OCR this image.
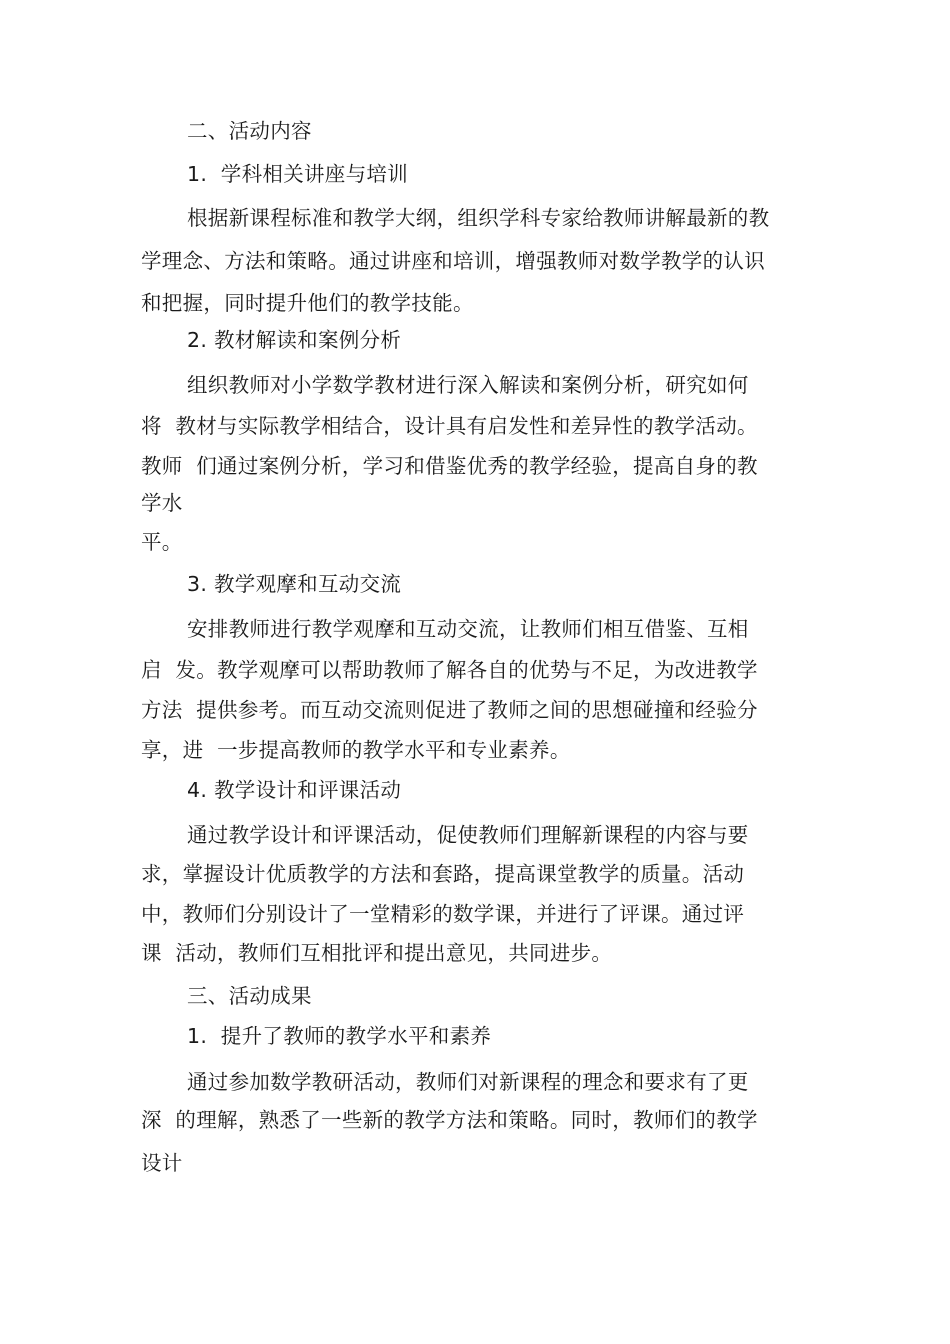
二、活动内容

1.  学科相关讲座与培训

根据新课程标准和教学大纲，组织学科专家给教师讲解最新的教

学理念、方法和策略。通过讲座和培训，增强教师对数学教学的认识

和把握，同时提升他们的教学技能。

2. 教材解读和案例分析

组织教师对小学数学教材进行深入解读和案例分析，研究如何

将  教材与实际教学相结合，设计具有启发性和差异性的教学活动。

教师  们通过案例分析，学习和借鉴优秀的教学经验，提高自身的教

学水

平。

3. 教学观摩和互动交流

安排教师进行教学观摩和互动交流，让教师们相互借鉴、互相

启  发。教学观摩可以帮助教师了解各自的优势与不足，为改进教学

方法  提供参考。而互动交流则促进了教师之间的思想碰撞和经验分

享，进  一步提高教师的教学水平和专业素养。

4. 教学设计和评课活动

通过教学设计和评课活动，促使教师们理解新课程的内容与要

求，掌握设计优质教学的方法和套路，提高课堂教学的质量。活动

中，教师们分别设计了一堂精彩的数学课，并进行了评课。通过评

课  活动，教师们互相批评和提出意见，共同进步。

三、活动成果

1.  提升了教师的教学水平和素养

通过参加数学教研活动，教师们对新课程的理念和要求有了更

深  的理解，熟悉了一些新的教学方法和策略。同时，教师们的教学

设计
